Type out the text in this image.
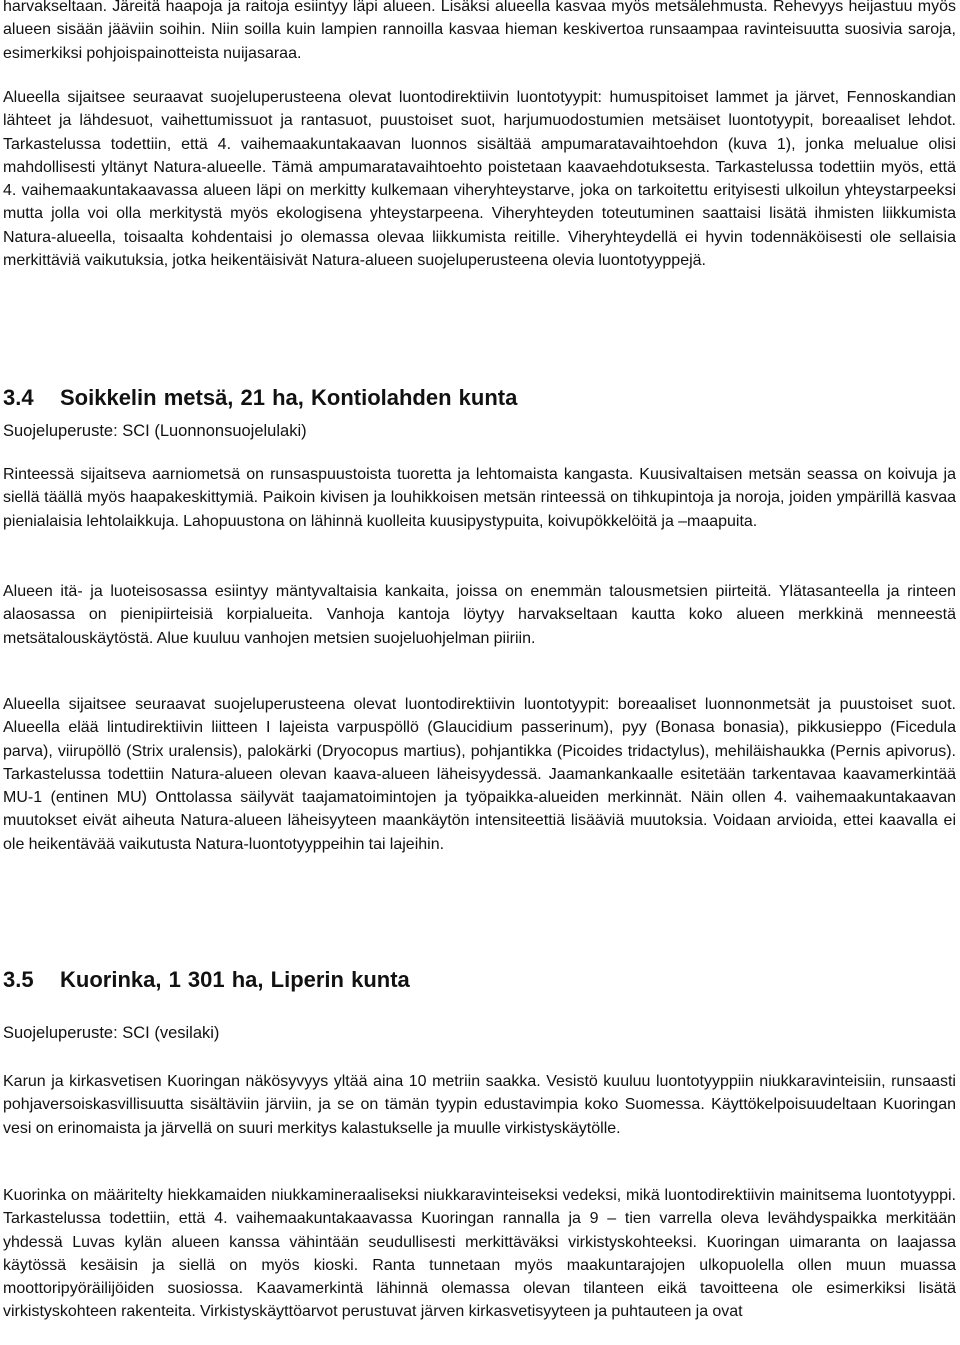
harvakseltaan. Järeitä haapoja ja raitoja esiintyy läpi alueen. Lisäksi alueella kasvaa myös metsälehmusta. Rehevyys heijastuu myös alueen sisään jääviin soihin. Niin soilla kuin lampien rannoilla kasvaa hieman keskivertoa runsaampaa ravinteisuutta suosivia saroja, esimerkiksi pohjoispainotteista nuijasaraa.

Alueella sijaitsee seuraavat suojeluperusteena olevat luontodirektiivin luontotyypit: humuspitoiset lammet ja järvet, Fennoskandian lähteet ja lähdesuot, vaihettumissuot ja rantasuot, puustoiset suot, harjumuodostumien metsäiset luontotyypit, boreaaliset lehdot. Tarkastelussa todettiin, että 4. vaihemaakuntakaavan luonnos sisältää ampumaratavaihtoehdon (kuva 1), jonka melualue olisi mahdollisesti yltänyt Natura-alueelle. Tämä ampumaratavaihtoehto poistetaan kaavaehdotuksesta. Tarkastelussa todettiin myös, että 4. vaihemaakuntakaavassa alueen läpi on merkitty kulkemaan viheryhteystarve, joka on tarkoitettu erityisesti ulkoilun yhteystarpeeksi mutta jolla voi olla merkitystä myös ekologisena yhteystarpeena. Viheryhteyden toteutuminen saattaisi lisätä ihmisten liikkumista Natura-alueella, toisaalta kohdentaisi jo olemassa olevaa liikkumista reitille. Viheryhteydellä ei hyvin todennäköisesti ole sellaisia merkittäviä vaikutuksia, jotka heikentäisivät Natura-alueen suojeluperusteena olevia luontotyyppejä.

3.4 Soikkelin metsä, 21 ha, Kontiolahden kunta

Suojeluperuste: SCI (Luonnonsuojelulaki)

Rinteessä sijaitseva aarniometsä on runsaspuustoista tuoretta ja lehtomaista kangasta. Kuusivaltaisen metsän seassa on koivuja ja siellä täällä myös haapakeskittymiä. Paikoin kivisen ja louhikkoisen metsän rinteessä on tihkupintoja ja noroja, joiden ympärillä kasvaa pienialaisia lehtolaikkuja. Lahopuustona on lähinnä kuolleita kuusipystypuita, koivupökkelöitä ja –maapuita.

Alueen itä- ja luoteisosassa esiintyy mäntyvaltaisia kankaita, joissa on enemmän talousmetsien piirteitä. Ylätasanteella ja rinteen alaosassa on pienipiirteisiä korpialueita. Vanhoja kantoja löytyy harvakseltaan kautta koko alueen merkkinä menneestä metsätalouskäytöstä. Alue kuuluu vanhojen metsien suojeluohjelman piiriin.

Alueella sijaitsee seuraavat suojeluperusteena olevat luontodirektiivin luontotyypit: boreaaliset luonnonmetsät ja puustoiset suot. Alueella elää lintudirektiivin liitteen I lajeista varpuspöllö (Glaucidium passerinum), pyy (Bonasa bonasia), pikkusieppo (Ficedula parva), viirupöllö (Strix uralensis), palokärki (Dryocopus martius), pohjantikka (Picoides tridactylus), mehiläishaukka (Pernis apivorus). Tarkastelussa todettiin Natura-alueen olevan kaava-alueen läheisyydessä. Jaamankankaalle esitetään tarkentavaa kaavamerkintää MU-1 (entinen MU) Onttolassa säilyvät taajamatoimintojen ja työpaikka-alueiden merkinnät. Näin ollen 4. vaihemaakuntakaavan muutokset eivät aiheuta Natura-alueen läheisyyteen maankäytön intensiteettiä lisääviä muutoksia. Voidaan arvioida, ettei kaavalla ei ole heikentävää vaikutusta Natura-luontotyyppeihin tai lajeihin.

3.5 Kuorinka, 1 301 ha, Liperin kunta

Suojeluperuste: SCI (vesilaki)

Karun ja kirkasvetisen Kuoringan näkösyvyys yltää aina 10 metriin saakka. Vesistö kuuluu luontotyyppiin niukkaravinteisiin, runsaasti pohjaversoiskasvillisuutta sisältäviin järviin, ja se on tämän tyypin edustavimpia koko Suomessa. Käyttökelpoisuudeltaan Kuoringan vesi on erinomaista ja järvellä on suuri merkitys kalastukselle ja muulle virkistyskäytölle.

Kuorinka on määritelty hiekkamaiden niukkamineraaliseksi niukkaravinteiseksi vedeksi, mikä luontodirektiivin mainitsema luontotyyppi. Tarkastelussa todettiin, että 4. vaihemaakuntakaavassa Kuoringan rannalla ja 9 – tien varrella oleva levähdyspaikka merkitään yhdessä Luvas kylän alueen kanssa vähintään seudullisesti merkittäväksi virkistyskohteeksi. Kuoringan uimaranta on laajassa käytössä kesäisin ja siellä on myös kioski. Ranta tunnetaan myös maakuntarajojen ulkopuolella ollen muun muassa moottoripyöräilijöiden suosiossa. Kaavamerkintä lähinnä olemassa olevan tilanteen eikä tavoitteena ole esimerkiksi lisätä virkistyskohteen rakenteita. Virkistyskäyttöarvot perustuvat järven kirkasvetisyyteen ja puhtauteen ja ovat
